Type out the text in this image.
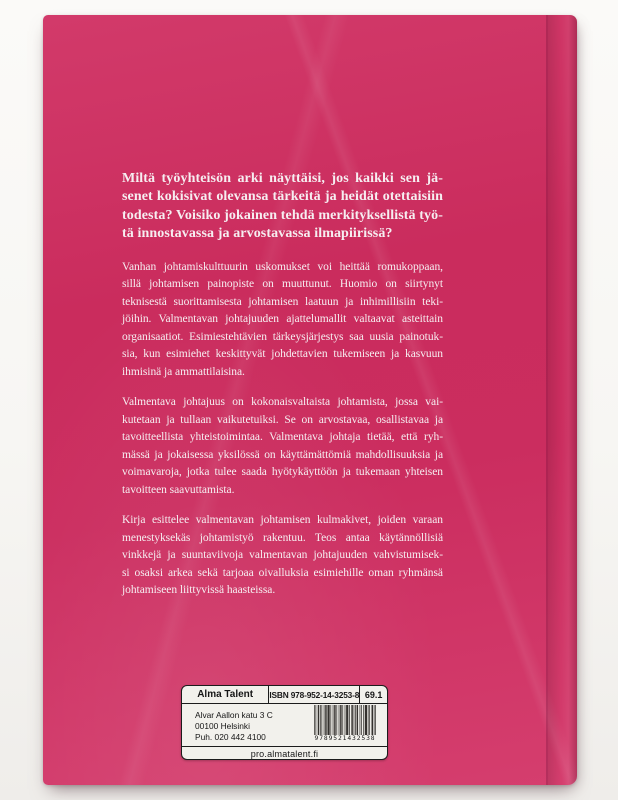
Miltä työyhteisön arki näyttäisi, jos kaikki sen jä-
senet kokisivat olevansa tärkeitä ja heidät otettaisiin
todesta? Voisiko jokainen tehdä merkityksellistä työ-
tä innostavassa ja arvostavassa ilmapiirissä?
Vanhan johtamiskulttuurin uskomukset voi heittää romukoppaan,
sillä johtamisen painopiste on muuttunut. Huomio on siirtynyt
teknisestä suorittamisesta johtamisen laatuun ja inhimillisiin teki-
jöihin. Valmentavan johtajuuden ajattelumallit valtaavat asteittain
organisaatiot. Esimiestehtävien tärkeysjärjestys saa uusia painotuk-
sia, kun esimiehet keskittyvät johdettavien tukemiseen ja kasvuun
ihmisinä ja ammattilaisina.
Valmentava johtajuus on kokonaisvaltaista johtamista, jossa vai-
kutetaan ja tullaan vaikutetuiksi. Se on arvostavaa, osallistavaa ja
tavoitteellista yhteistoimintaa. Valmentava johtaja tietää, että ryh-
mässä ja jokaisessa yksilössä on käyttämättömiä mahdollisuuksia ja
voimavaroja, jotka tulee saada hyötykäyttöön ja tukemaan yhteisen
tavoitteen saavuttamista.
Kirja esittelee valmentavan johtamisen kulmakivet, joiden varaan
menestyksekäs johtamistyö rakentuu. Teos antaa käytännöllisiä
vinkkejä ja suuntaviivoja valmentavan johtajuuden vahvistumisek-
si osaksi arkea sekä tarjoaa oivalluksia esimiehille oman ryhmänsä
johtamiseen liittyvissä haasteissa.
Alma Talent	ISBN 978-952-14-3253-8 69.1
Alvar Aallon katu 3 C
00100 Helsinki
Puh. 020 442 4100	9789521432538
pro.almatalent.fi
